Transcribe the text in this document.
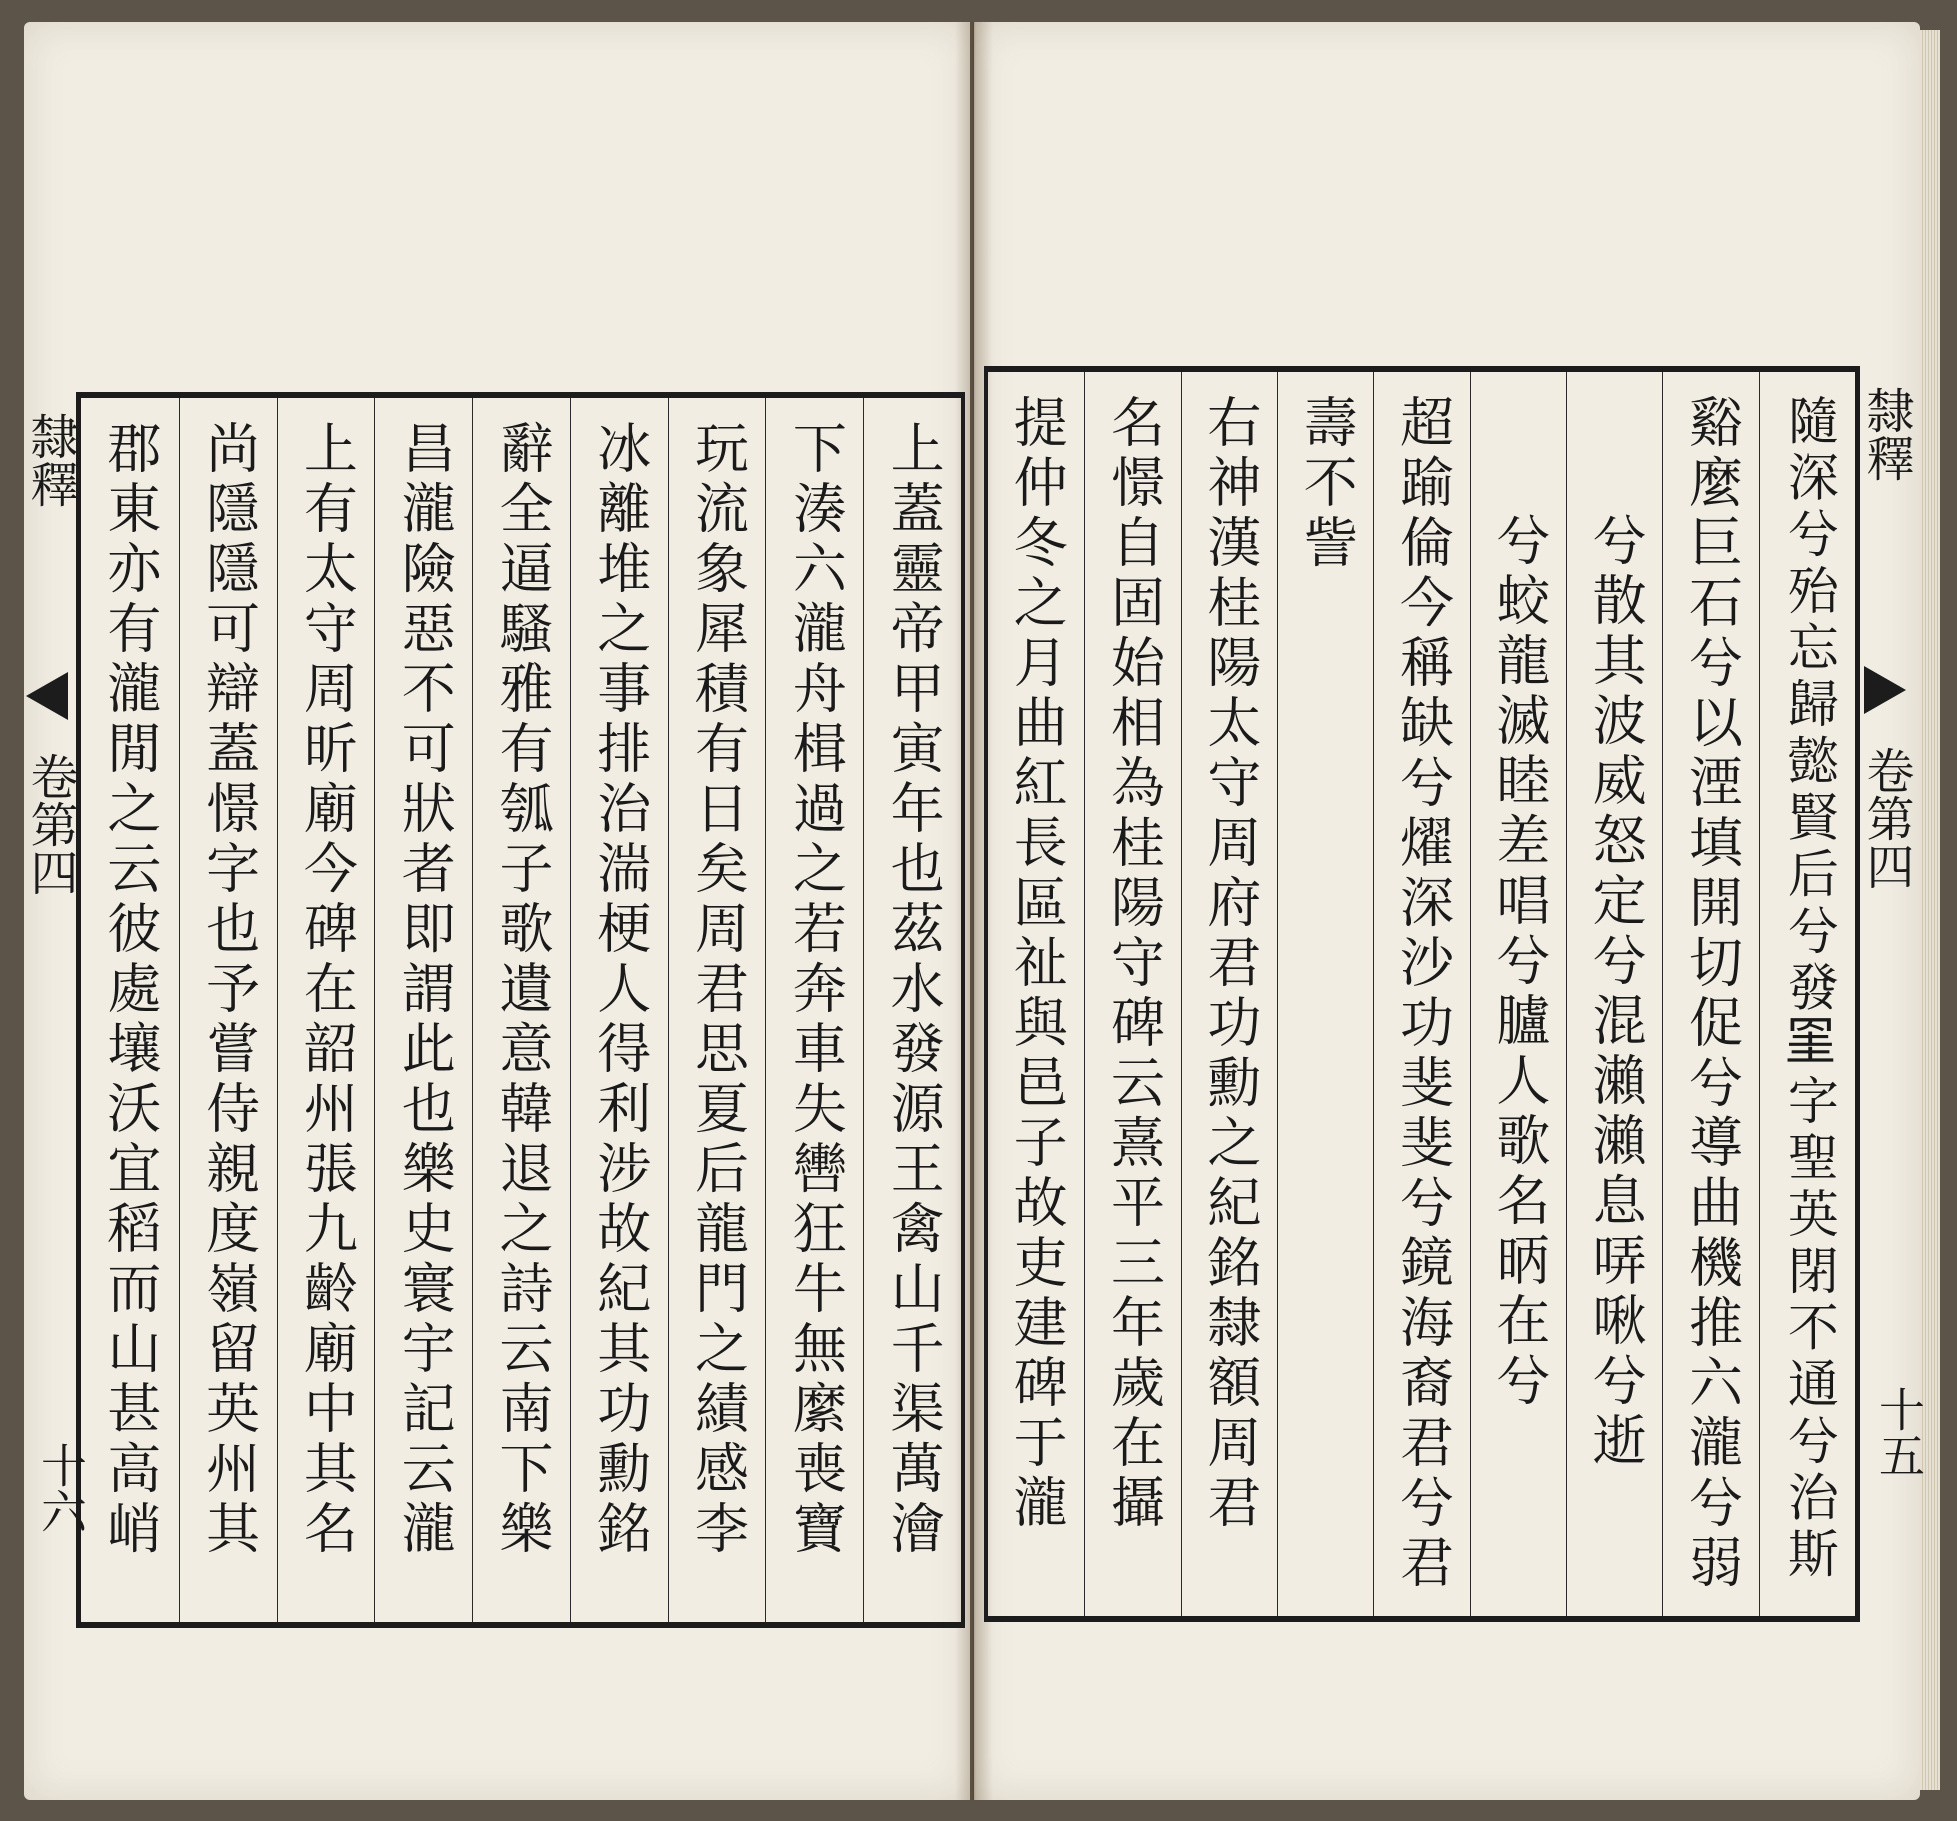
隨深兮殆忘歸懿賢后兮發𦊱字聖英閉不通兮治斯
谿麼巨石兮以湮填開切促兮導曲機推六瀧兮弱
兮散其波威怒定兮混瀨瀨息哢啾兮逝
兮蛟龍滅睦差唱兮臚人歌名昞在兮
超踰倫今稱缺兮燿深沙功斐斐兮鏡海裔君兮君
壽不訾
右神漢桂陽太守周府君功勳之紀銘隸額周君
名憬自固始相為桂陽守碑云熹平三年歲在攝
提仲冬之月曲紅長區祉與邑子故吏建碑于瀧	隸釋
卷第四
十五
上蓋靈帝甲寅年也茲水發源王禽山千渠萬澮
下湊六瀧舟楫過之若奔車失轡狂牛無縻喪寶
玩流象犀積有日矣周君思夏后龍門之績感李
冰離堆之事排治湍梗人得利涉故紀其功勳銘
辭全逼騷雅有瓠子歌遺意韓退之詩云南下樂
昌瀧險惡不可狀者即謂此也樂史寰宇記云瀧
上有太守周昕廟今碑在韶州張九齡廟中其名
尚隱隱可辯蓋憬字也予嘗侍親度嶺留英州其
郡東亦有瀧閒之云彼處壤沃宜稻而山甚高峭
隸釋
卷第四
十六
